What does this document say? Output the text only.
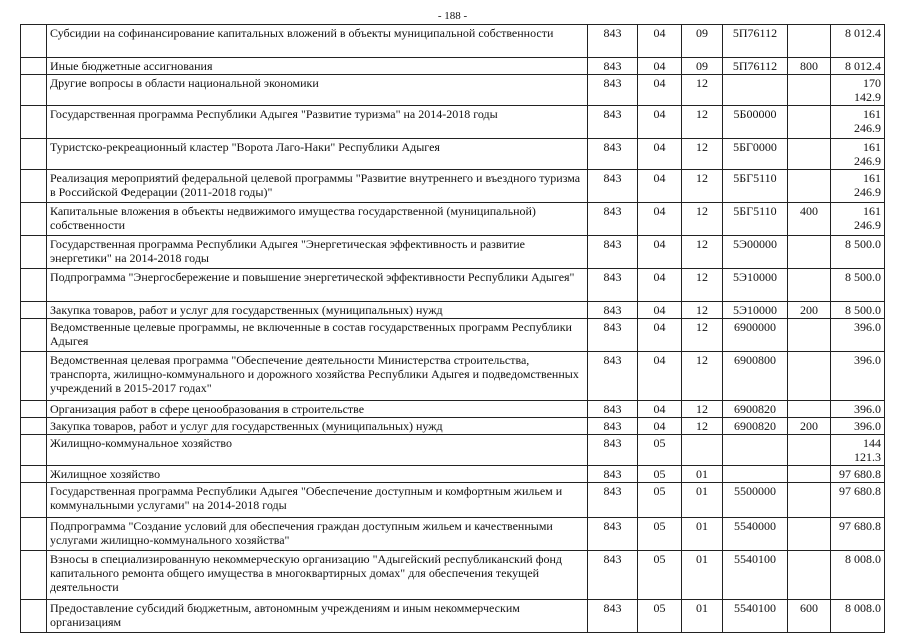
- 188 -
	Субсидии на софинансирование капитальных вложений в объекты муниципальной собственности	843	04	09	5П76112		8 012.4
	Иные бюджетные ассигнования	843	04	09	5П76112	800	8 012.4
	Другие вопросы в области национальной экономики	843	04	12			170 142.9
	Государственная программа Республики Адыгея "Развитие туризма" на 2014-2018 годы	843	04	12	5Б00000		161 246.9
	Туристско-рекреационный кластер "Ворота Лаго-Наки" Республики Адыгея	843	04	12	5БГ0000		161 246.9
	Реализация мероприятий федеральной целевой программы "Развитие внутреннего и въездного туризма в Российской Федерации (2011-2018 годы)"	843	04	12	5БГ5110		161 246.9
	Капитальные вложения в объекты недвижимого имущества государственной (муниципальной) собственности	843	04	12	5БГ5110	400	161 246.9
	Государственная программа Республики Адыгея "Энергетическая эффективность и развитие энергетики" на 2014-2018 годы	843	04	12	5Э00000		8 500.0
	Подпрограмма "Энергосбережение и повышение энергетической эффективности Республики Адыгея"	843	04	12	5Э10000		8 500.0
	Закупка товаров, работ и услуг для государственных (муниципальных) нужд	843	04	12	5Э10000	200	8 500.0
	Ведомственные целевые программы, не включенные в состав государственных программ Республики Адыгея	843	04	12	6900000		396.0
	Ведомственная целевая программа "Обеспечение деятельности Министерства строительства, транспорта, жилищно-коммунального и дорожного хозяйства Республики Адыгея и подведомственных учреждений в 2015-2017 годах"	843	04	12	6900800		396.0
	Организация работ в сфере ценообразования в строительстве	843	04	12	6900820		396.0
	Закупка товаров, работ и услуг для государственных (муниципальных) нужд	843	04	12	6900820	200	396.0
	Жилищно-коммунальное хозяйство	843	05				144 121.3
	Жилищное хозяйство	843	05	01			97 680.8
	Государственная программа Республики Адыгея "Обеспечение доступным и комфортным жильем и коммунальными услугами" на 2014-2018 годы	843	05	01	5500000		97 680.8
	Подпрограмма "Создание условий для обеспечения граждан доступным жильем и качественными услугами жилищно-коммунального хозяйства"	843	05	01	5540000		97 680.8
	Взносы в специализированную некоммерческую организацию "Адыгейский республиканский фонд капитального ремонта общего имущества в многоквартирных домах" для обеспечения текущей деятельности	843	05	01	5540100		8 008.0
	Предоставление субсидий бюджетным, автономным учреждениям и иным некоммерческим организациям	843	05	01	5540100	600	8 008.0
